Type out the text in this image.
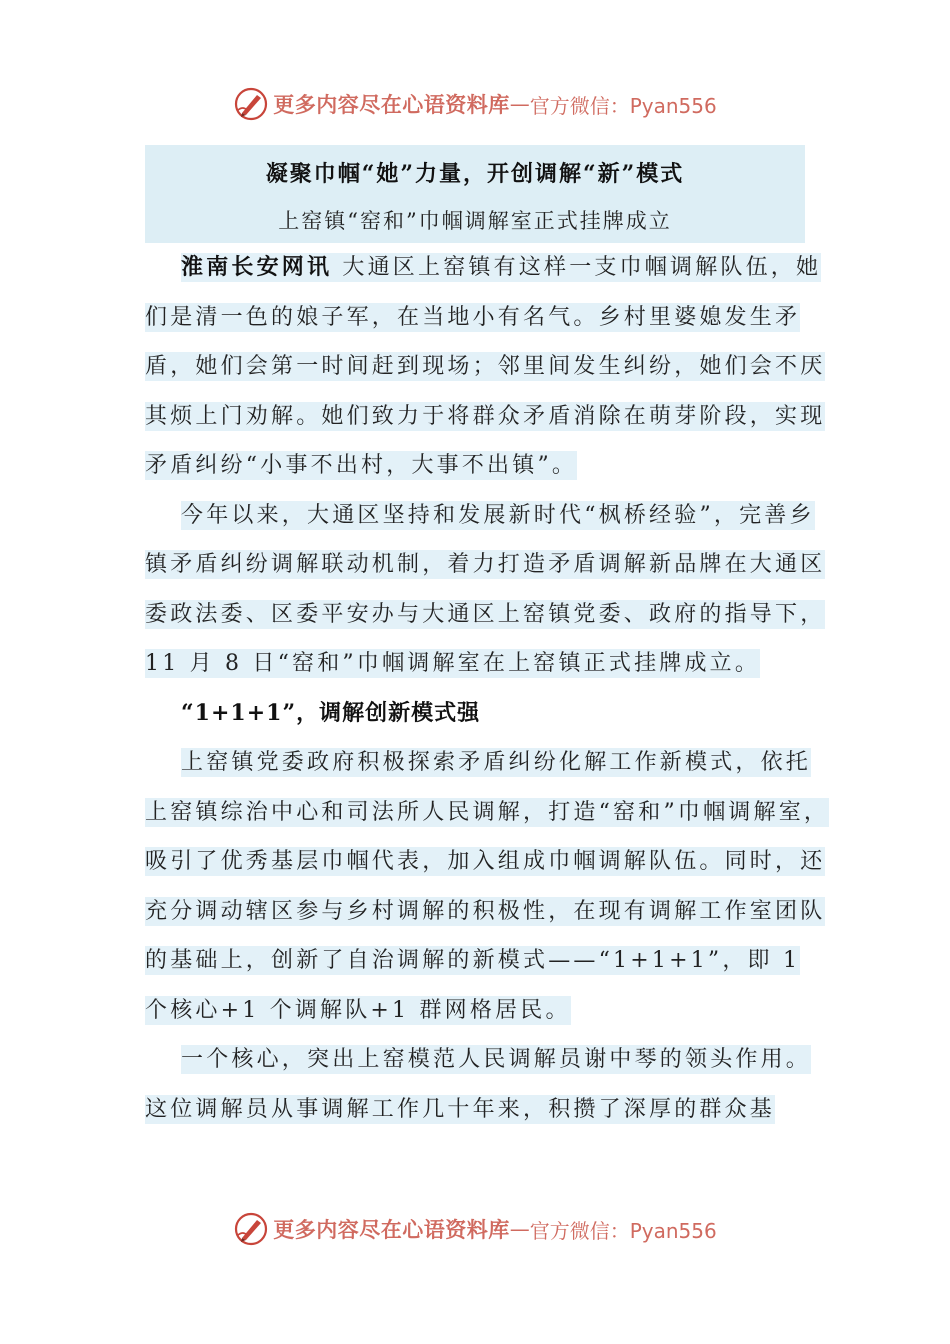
更多内容尽在心语资料库 — 官方微信：Pyan556
凝聚巾帼“她”力量，开创调解“新”模式
上窑镇“窑和”巾帼调解室正式挂牌成立

淮南长安网讯 大通区上窑镇有这样一支巾帼调解队伍，她们是清一色的娘子军，在当地小有名气。乡村里婆媳发生矛盾，她们会第一时间赶到现场；邻里间发生纠纷，她们会不厌其烦上门劝解。她们致力于将群众矛盾消除在萌芽阶段，实现矛盾纠纷“小事不出村，大事不出镇”。

今年以来，大通区坚持和发展新时代“枫桥经验”，完善乡镇矛盾纠纷调解联动机制，着力打造矛盾调解新品牌在大通区委政法委、区委平安办与大通区上窑镇党委、政府的指导下，11 月 8 日“窑和”巾帼调解室在上窑镇正式挂牌成立。

“1+1+1”，调解创新模式强

上窑镇党委政府积极探索矛盾纠纷化解工作新模式，依托上窑镇综治中心和司法所人民调解，打造“窑和”巾帼调解室，吸引了优秀基层巾帼代表，加入组成巾帼调解队伍。同时，还充分调动辖区参与乡村调解的积极性，在现有调解工作室团队的基础上，创新了自治调解的新模式——“1+1+1”，即 1 个核心+1 个调解队+1 群网格居民。

一个核心，突出上窑模范人民调解员谢中琴的领头作用。这位调解员从事调解工作几十年来，积攒了深厚的群众基

更多内容尽在心语资料库 — 官方微信：Pyan556
